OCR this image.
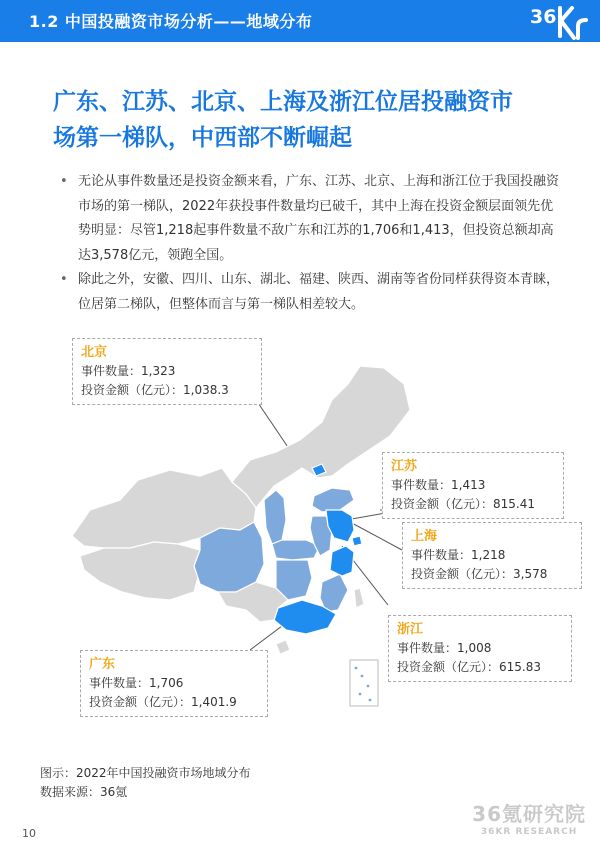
1.2 中国投融资市场分析——地域分布	36
广东、江苏、北京、上海及浙江位居投融资市
场第一梯队，中西部不断崛起
• 无论从事件数量还是投资金额来看，广东、江苏、北京、上海和浙江位于我国投融资市场的第一梯队，2022年获投事件数量均已破千，其中上海在投资金额层面领先优势明显：尽管1,218起事件数量不敌广东和江苏的1,706和1,413，但投资总额却高达3,578亿元，领跑全国。
• 除此之外，安徽、四川、山东、湖北、福建、陕西、湖南等省份同样获得资本青睐，位居第二梯队，但整体而言与第一梯队相差较大。
北京
事件数量：1,323
投资金额（亿元）：1,038.3
江苏
事件数量：1,413
投资金额（亿元）：815.41
上海
事件数量：1,218
投资金额（亿元）：3,578
浙江
事件数量：1,008
投资金额（亿元）：615.83
广东
事件数量：1,706
投资金额（亿元）：1,401.9
图示：2022年中国投融资市场地域分布
数据来源：36氪
36氪研究院
36KR RESEARCH
10
